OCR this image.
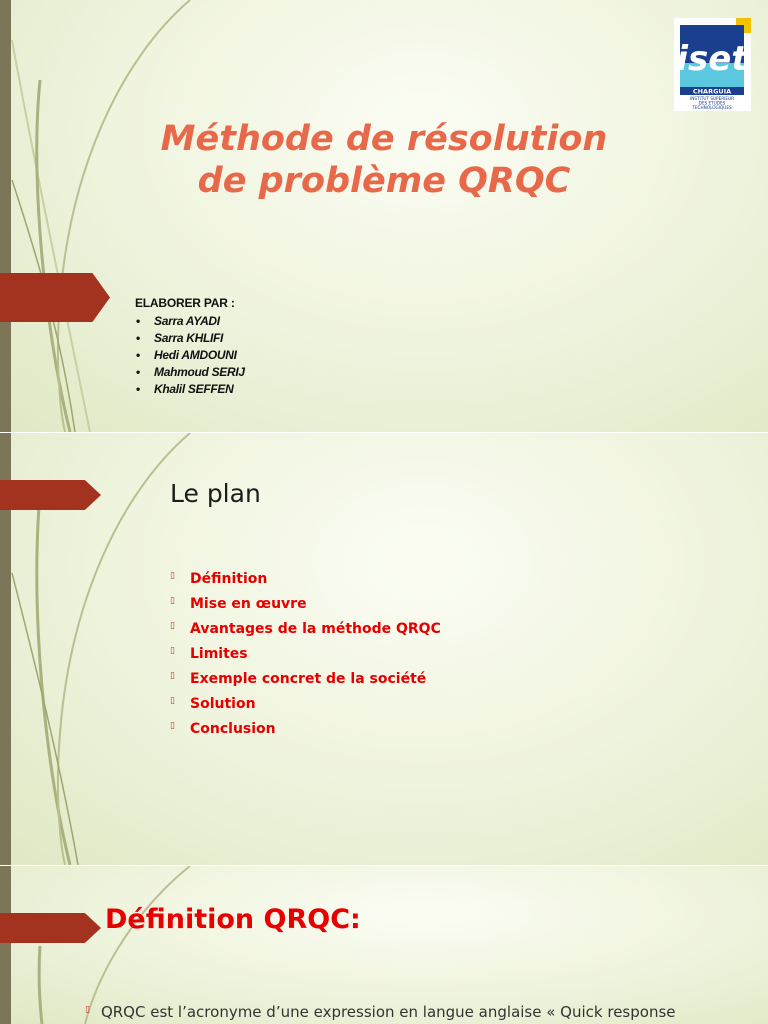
Méthode de résolution
de problème QRQC
iset
CHARGUIA
INSTITUT SUPERIEUR
DES ETUDES
TECHNOLOGIQUES
ELABORER PAR :
• Sarra AYADI
• Sarra KHLIFI
• Hedi AMDOUNI
• Mahmoud SERIJ
• Khalil SEFFEN
Le plan
▯ Définition
▯ Mise en œuvre
▯ Avantages de la méthode QRQC
▯ Limites
▯ Exemple concret de la société
▯ Solution
▯ Conclusion
Définition QRQC:
▯ QRQC est l’acronyme d’une expression en langue anglaise « Quick response
